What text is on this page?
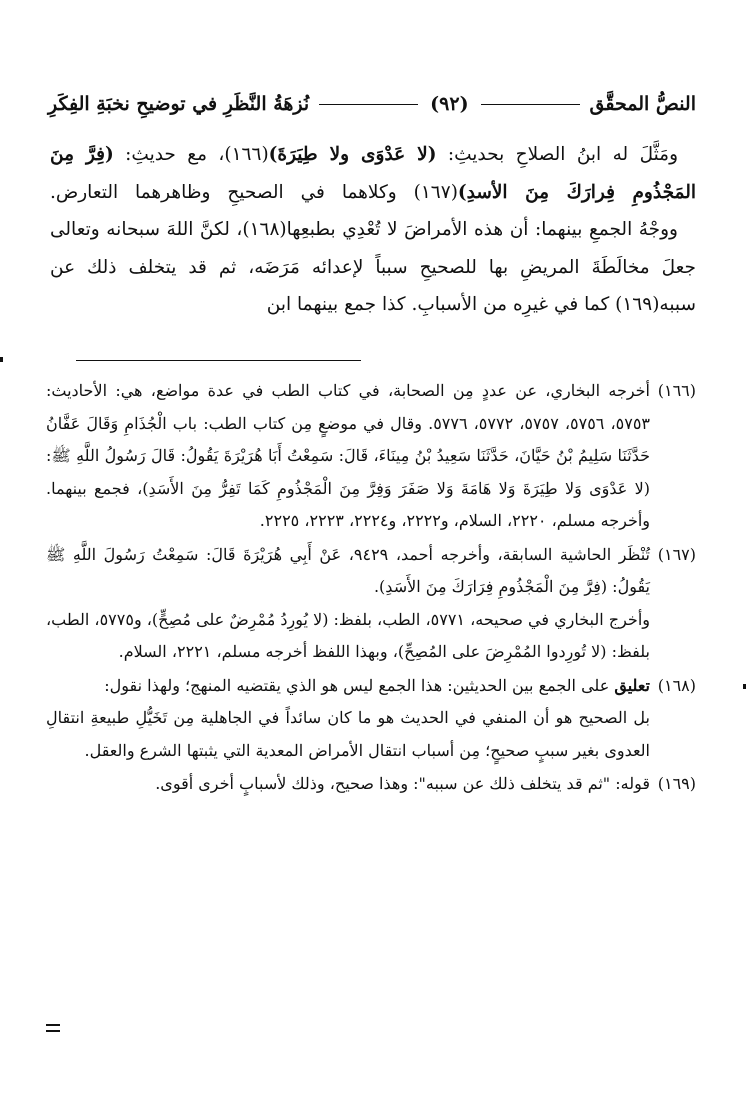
النصُّ المحقَّق
(٩٢)
نُزهَةُ النَّظَرِ في توضيحِ نخبَةِ الفِكَرِ

ومَثَّلَ له ابنُ الصلاحِ بحديثِ: (لا عَدْوَى ولا طِيَرَةَ)(١٦٦)، مع حديثِ: (فِرَّ مِنَ المَجْذُومِ فِرارَكَ مِنَ الأسدِ)(١٦٧) وكلاهما في الصحيحِ وظاهرهما التعارض.

ووجْهُ الجمعِ بينهما: أن هذه الأمراضَ لا تُعْدِي بطبعِها(١٦٨)، لكنَّ اللهَ سبحانه وتعالى جعلَ مخالَطَةَ المريضِ بها للصحيحِ سبباً لإعدائه مَرَضَه، ثم قد يتخلف ذلك عن سببه(١٦٩) كما في غيرِه من الأسبابِ. كذا جمع بينهما ابن

(١٦٦)

أخرجه البخاري، عن عددٍ مِن الصحابة، في كتاب الطب في عدة مواضع، هي: الأحاديث: ٥٧٥٣، ٥٧٥٦، ٥٧٥٧، ٥٧٧٢، ٥٧٧٦. وقال في موضعٍ مِن كتاب الطب: باب الْجُذَامِ وَقَالَ عَفَّانُ حَدَّثَنَا سَلِيمُ بْنُ حَيَّانَ، حَدَّثَنَا سَعِيدُ بْنُ مِينَاءَ، قَالَ: سَمِعْتُ أَبَا هُرَيْرَةَ يَقُولُ: قَالَ رَسُولُ اللَّهِ ﷺ: (لا عَدْوَى وَلا طِيَرَةَ وَلا هَامَةَ وَلا صَفَرَ وَفِرَّ مِنَ الْمَجْذُومِ كَمَا تَفِرُّ مِنَ الأَسَدِ)، فجمع بينهما. وأخرجه مسلم، ٢٢٢٠، السلام، و٢٢٢٢، و٢٢٢٤، ٢٢٢٣، ٢٢٢٥.

(١٦٧)

تُنْظَر الحاشية السابقة، وأخرجه أحمد، ٩٤٢٩، عَنْ أَبِي هُرَيْرَةَ قَالَ: سَمِعْتُ رَسُولَ اللَّهِ ﷺ يَقُولُ: (فِرَّ مِنَ الْمَجْذُومِ فِرَارَكَ مِنَ الأَسَدِ).

وأخرج البخاري في صحيحه، ٥٧٧١، الطب، بلفظ: (لا يُورِدُ مُمْرِضٌ على مُصِحٍّ)، و٥٧٧٥، الطب، بلفظ: (لا تُورِدوا المُمْرِضَ على المُصِحِّ)، وبهذا اللفظ أخرجه مسلم، ٢٢٢١، السلام.

(١٦٨)

تعليق على الجمع بين الحديثين: هذا الجمع ليس هو الذي يقتضيه المنهج؛ ولهذا نقول:

بل الصحيح هو أن المنفي في الحديث هو ما كان سائداً في الجاهلية مِن تَخَيُّلِ طبيعةِ انتقالِ العدوى بغير سببٍ صحيحٍ؛ مِن أسباب انتقال الأمراض المعدية التي يثبتها الشرع والعقل.

(١٦٩)

قوله: "ثم قد يتخلف ذلك عن سببه": وهذا صحيح، وذلك لأسبابٍ أخرى أقوى.
